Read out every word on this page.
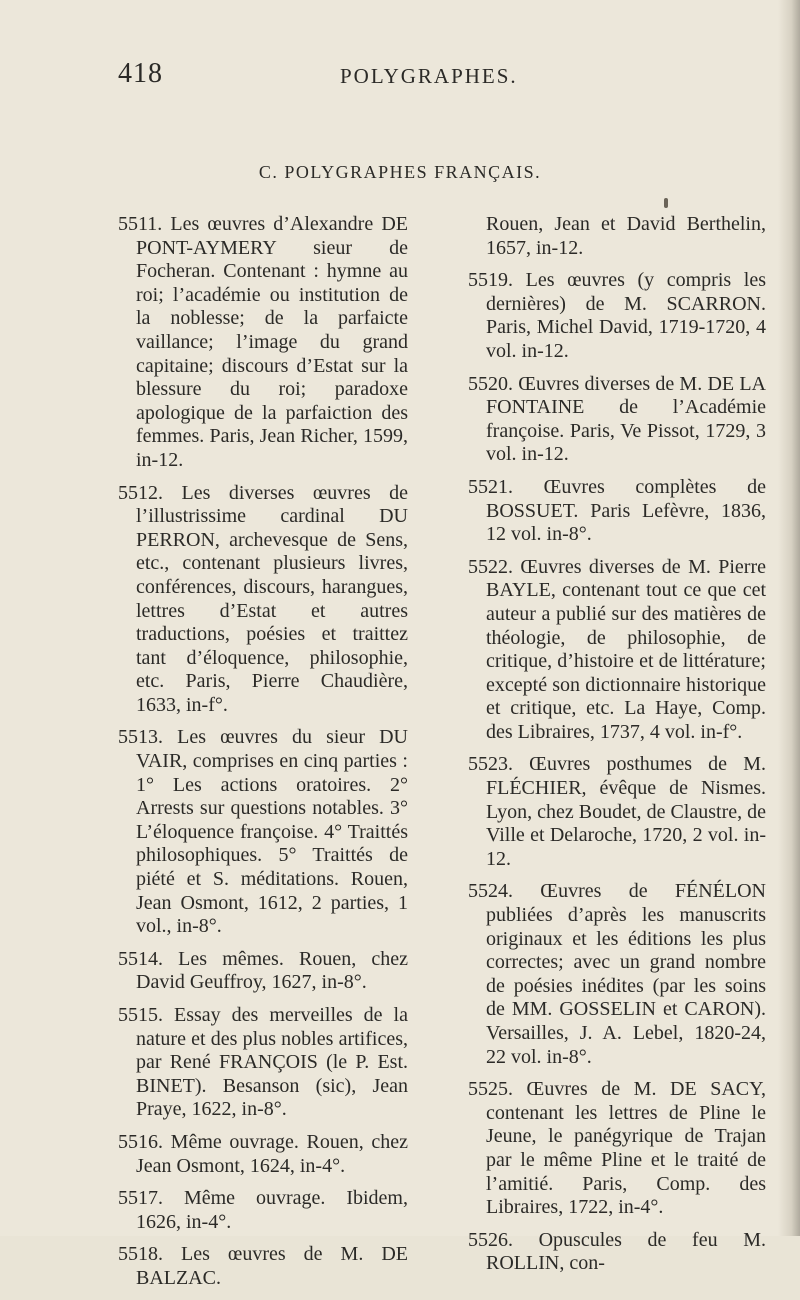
418	POLYGRAPHES.
C. POLYGRAPHES FRANÇAIS.

5511. Les œuvres d’Alexandre DE PONT-AYMERY sieur de Focheran. Contenant : hymne au roi; l’académie ou institution de la noblesse; de la parfaicte vaillance; l’image du grand capitaine; discours d’Estat sur la blessure du roi; paradoxe apologique de la parfaiction des femmes. Paris, Jean Richer, 1599, in-12.

5512. Les diverses œuvres de l’illustrissime cardinal DU PERRON, archevesque de Sens, etc., contenant plusieurs livres, conférences, discours, harangues, lettres d’Estat et autres traductions, poésies et traittez tant d’éloquence, philosophie, etc. Paris, Pierre Chaudière, 1633, in-f°.

5513. Les œuvres du sieur DU VAIR, comprises en cinq parties : 1° Les actions oratoires. 2° Arrests sur questions notables. 3° L’éloquence françoise. 4° Traittés philosophiques. 5° Traittés de piété et S. méditations. Rouen, Jean Osmont, 1612, 2 parties, 1 vol., in-8°.

5514. Les mêmes. Rouen, chez David Geuffroy, 1627, in-8°.

5515. Essay des merveilles de la nature et des plus nobles artifices, par René FRANÇOIS (le P. Est. BINET). Besanson (sic), Jean Praye, 1622, in-8°.

5516. Même ouvrage. Rouen, chez Jean Osmont, 1624, in-4°.

5517. Même ouvrage. Ibidem, 1626, in-4°.

5518. Les œuvres de M. DE BALZAC.

Rouen, Jean et David Berthelin, 1657, in-12.

5519. Les œuvres (y compris les dernières) de M. SCARRON. Paris, Michel David, 1719-1720, 4 vol. in-12.

5520. Œuvres diverses de M. DE LA FONTAINE de l’Académie françoise. Paris, Ve Pissot, 1729, 3 vol. in-12.

5521. Œuvres complètes de BOSSUET. Paris Lefèvre, 1836, 12 vol. in-8°.

5522. Œuvres diverses de M. Pierre BAYLE, contenant tout ce que cet auteur a publié sur des matières de théologie, de philosophie, de critique, d’histoire et de littérature; excepté son dictionnaire historique et critique, etc. La Haye, Comp. des Libraires, 1737, 4 vol. in-f°.

5523. Œuvres posthumes de M. FLÉCHIER, évêque de Nismes. Lyon, chez Boudet, de Claustre, de Ville et Delaroche, 1720, 2 vol. in-12.

5524. Œuvres de FÉNÉLON publiées d’après les manuscrits originaux et les éditions les plus correctes; avec un grand nombre de poésies inédites (par les soins de MM. GOSSELIN et CARON). Versailles, J. A. Lebel, 1820-24, 22 vol. in-8°.

5525. Œuvres de M. DE SACY, contenant les lettres de Pline le Jeune, le panégyrique de Trajan par le même Pline et le traité de l’amitié. Paris, Comp. des Libraires, 1722, in-4°.

5526. Opuscules de feu M. ROLLIN, con-
